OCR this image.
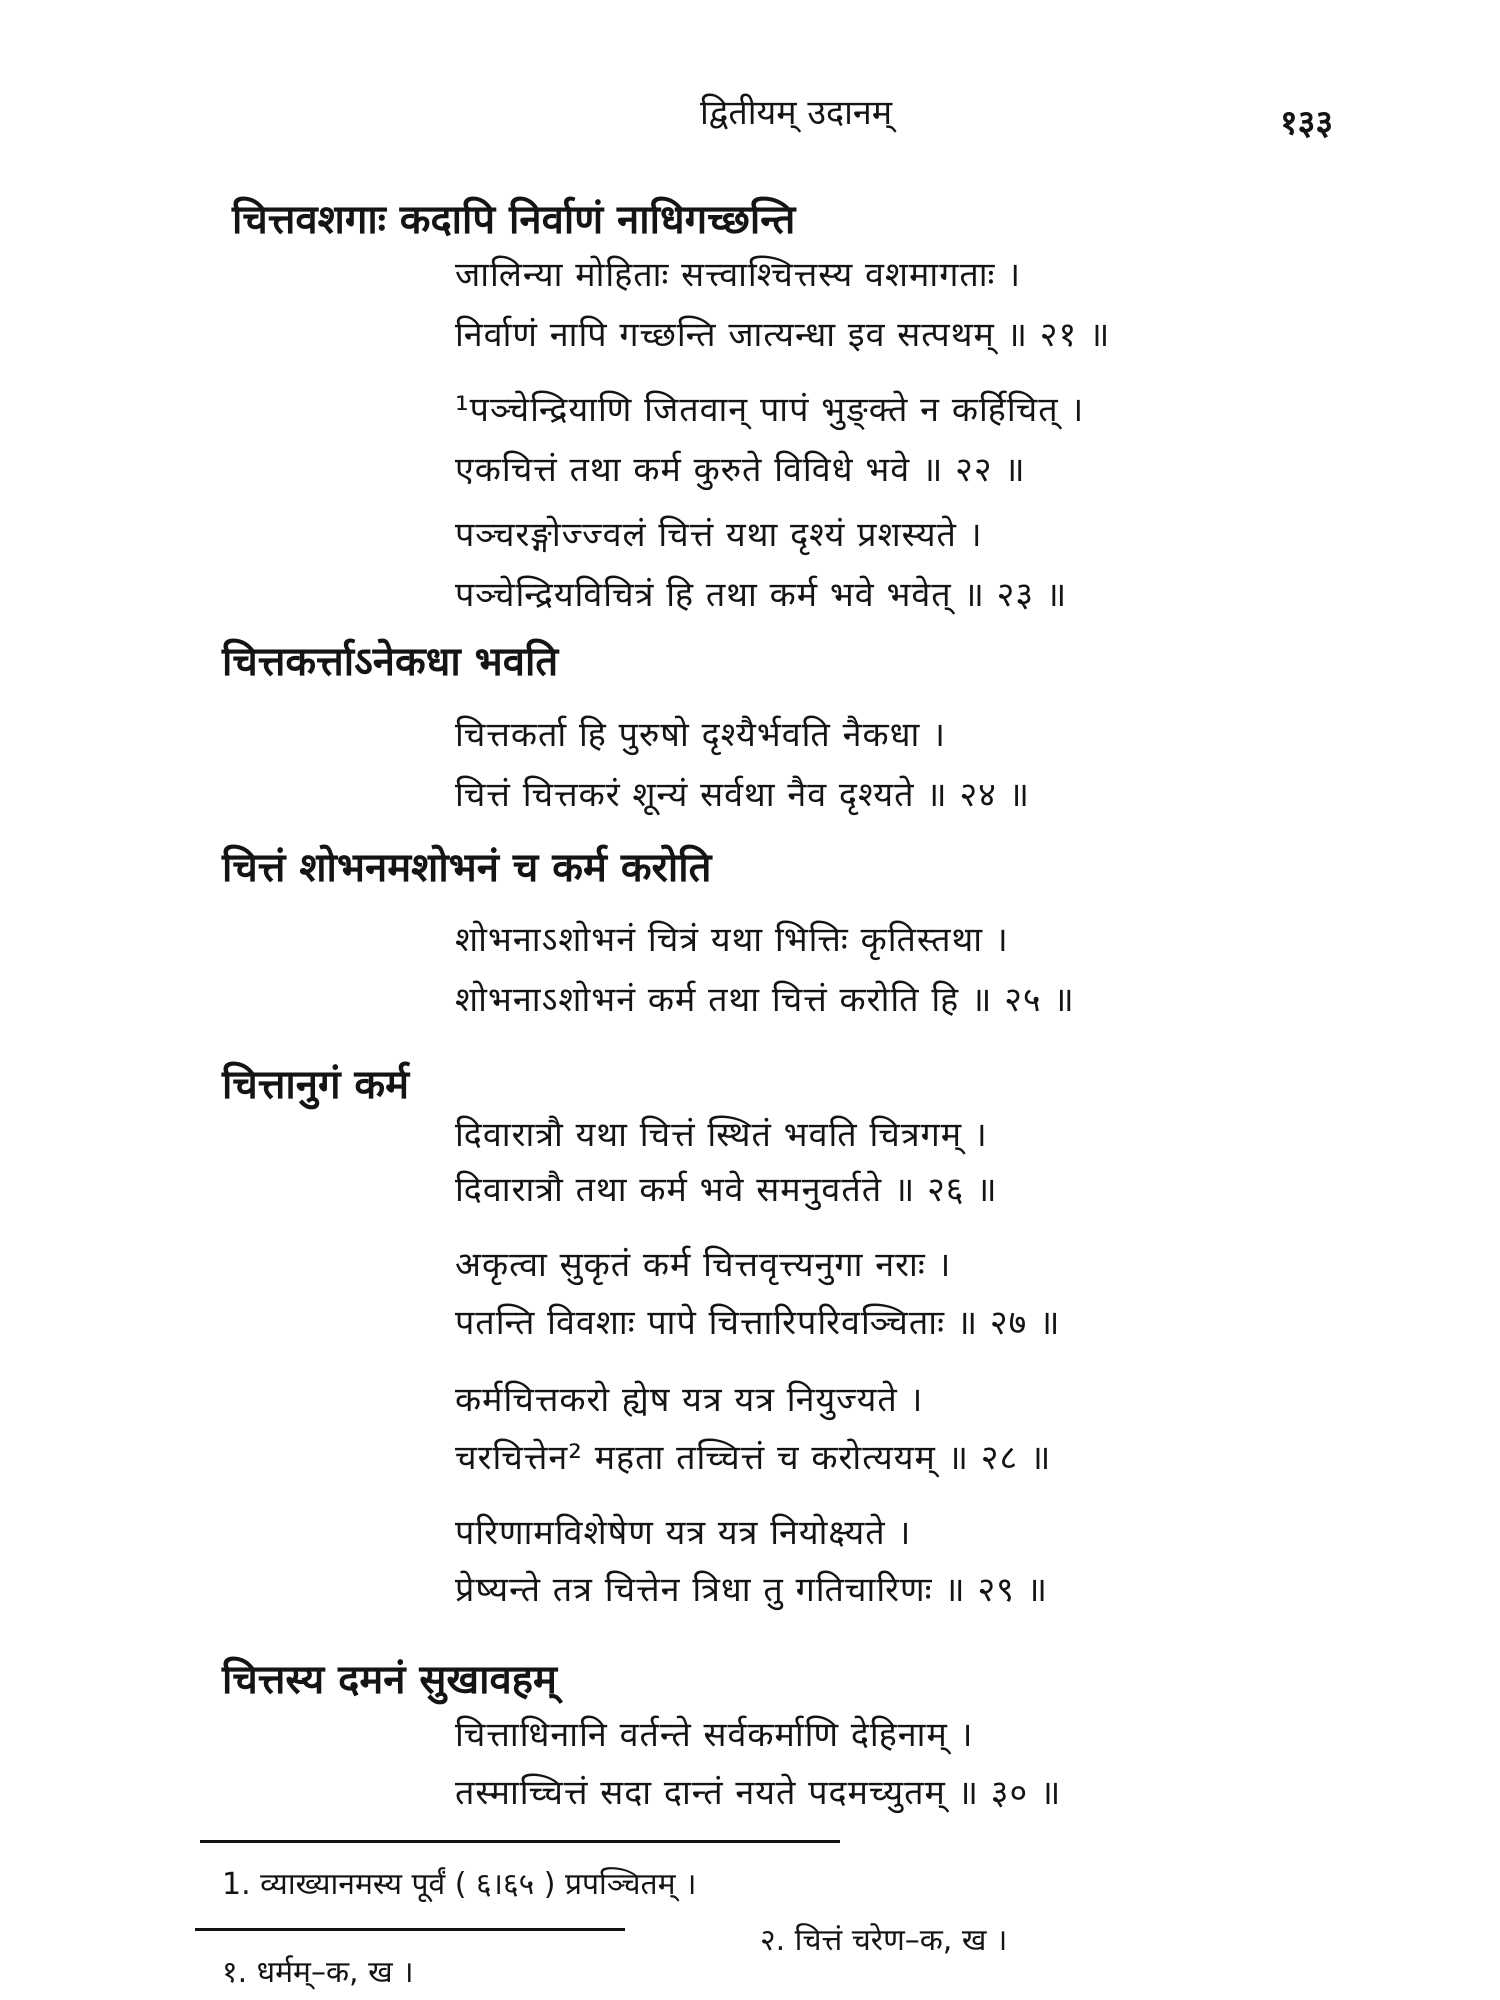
द्वितीयम् उदानम्	१३३
चित्तवशगाः कदापि निर्वाणं नाधिगच्छन्ति
जालिन्या मोहिताः सत्त्वाश्चित्तस्य वशमागताः ।
निर्वाणं नापि गच्छन्ति जात्यन्धा इव सत्पथम् ॥ २१ ॥
¹पञ्चेन्द्रियाणि जितवान् पापं भुङ्क्ते न कर्हिचित् ।
एकचित्तं तथा कर्म कुरुते विविधे भवे ॥ २२ ॥
पञ्चरङ्गोज्ज्वलं चित्तं यथा दृश्यं प्रशस्यते ।
पञ्चेन्द्रियविचित्रं हि तथा कर्म भवे भवेत् ॥ २३ ॥
चित्तकर्त्ताऽनेकधा भवति
चित्तकर्ता हि पुरुषो दृश्यैर्भवति नैकधा ।
चित्तं चित्तकरं शून्यं सर्वथा नैव दृश्यते ॥ २४ ॥
चित्तं शोभनमशोभनं च कर्म करोति
शोभनाऽशोभनं चित्रं यथा भित्तिः कृतिस्तथा ।
शोभनाऽशोभनं कर्म तथा चित्तं करोति हि ॥ २५ ॥
चित्तानुगं कर्म
दिवारात्रौ यथा चित्तं स्थितं भवति चित्रगम् ।
दिवारात्रौ तथा कर्म भवे समनुवर्तते ॥ २६ ॥
अकृत्वा सुकृतं कर्म चित्तवृत्त्यनुगा नराः ।
पतन्ति विवशाः पापे चित्तारिपरिवञ्चिताः ॥ २७ ॥
कर्मचित्तकरो ह्येष यत्र यत्र नियुज्यते ।
चरचित्तेन² महता तच्चित्तं च करोत्ययम् ॥ २८ ॥
परिणामविशेषेण यत्र यत्र नियोक्ष्यते ।
प्रेष्यन्ते तत्र चित्तेन त्रिधा तु गतिचारिणः ॥ २९ ॥
चित्तस्य दमनं सुखावहम्
चित्ताधिनानि वर्तन्ते सर्वकर्माणि देहिनाम् ।
तस्माच्चित्तं सदा दान्तं नयते पदमच्युतम् ॥ ३० ॥
1. व्याख्यानमस्य पूर्वं ( ६।६५ ) प्रपञ्चितम् ।
२. चित्तं चरेण–क, ख ।
१. धर्मम्–क, ख ।
